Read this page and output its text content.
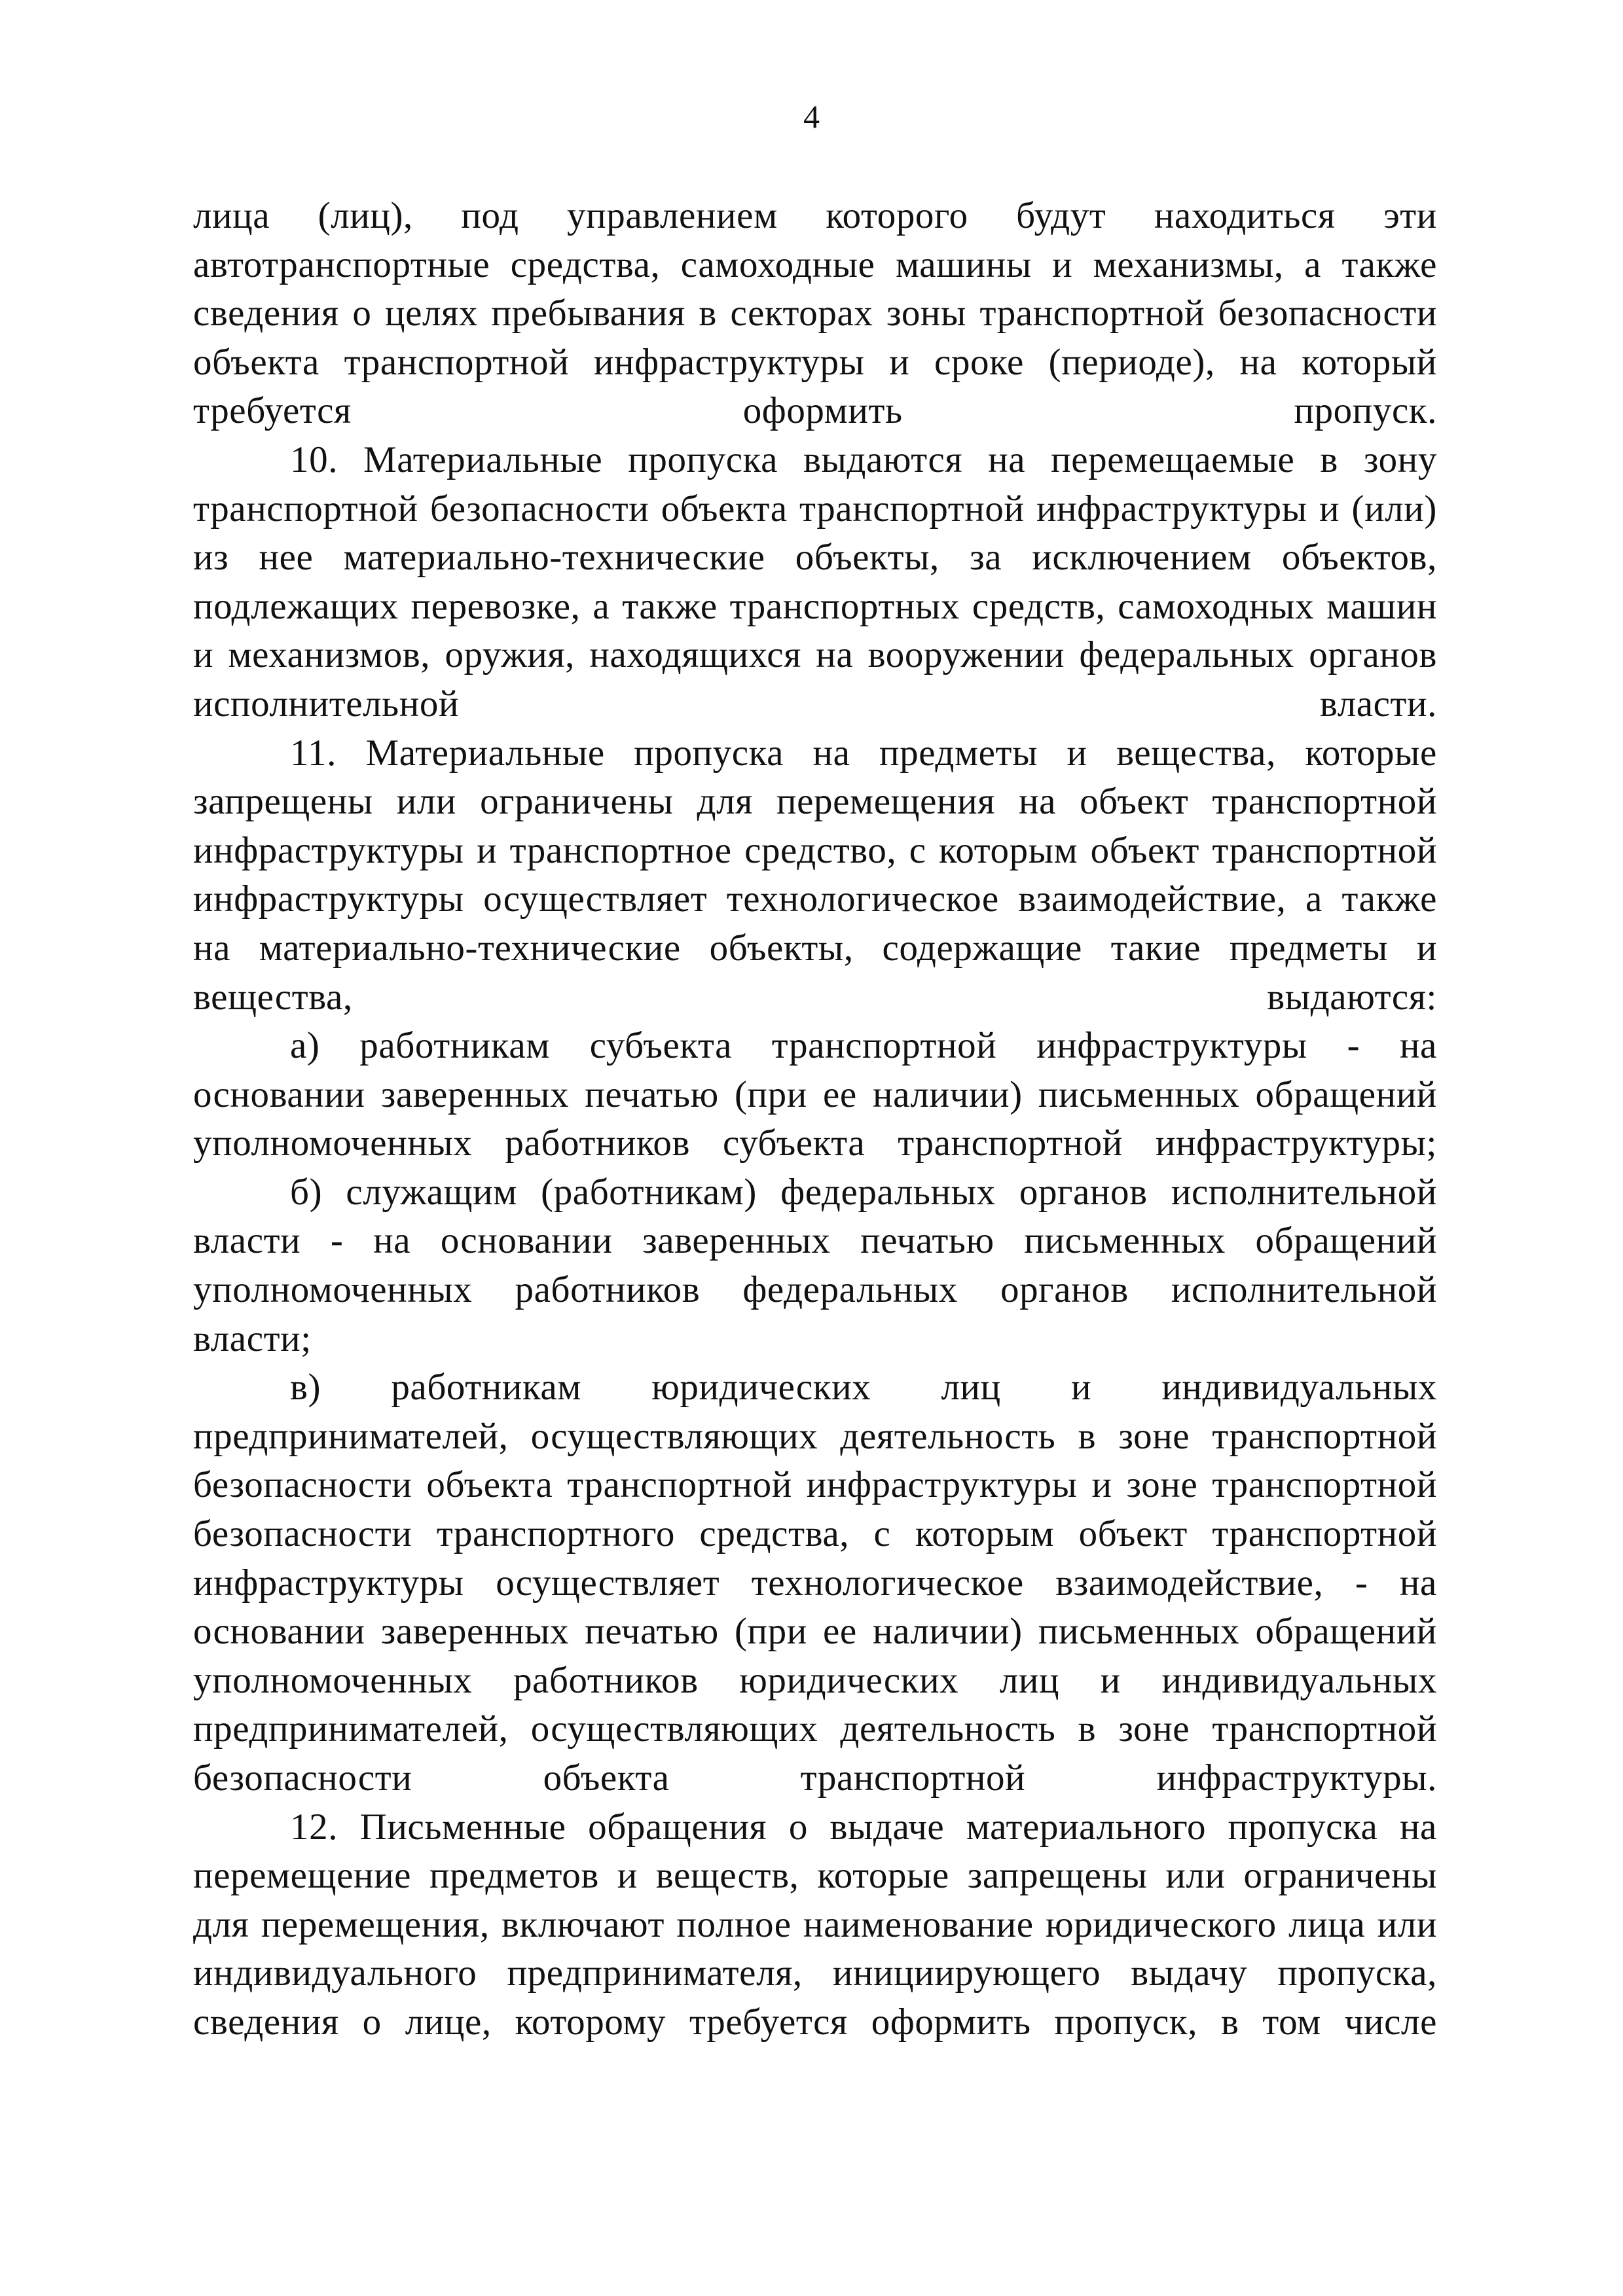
4
лица (лиц), под управлением которого будут находиться эти
автотранспортные средства, самоходные машины и механизмы, а также
сведения о целях пребывания в секторах зоны транспортной безопасности
объекта транспортной инфраструктуры и сроке (периоде), на который
требуется оформить пропуск.
10. Материальные пропуска выдаются на перемещаемые в зону
транспортной безопасности объекта транспортной инфраструктуры и (или)
из нее материально-технические объекты, за исключением объектов,
подлежащих перевозке, а также транспортных средств, самоходных машин
и механизмов, оружия, находящихся на вооружении федеральных органов
исполнительной власти.
11. Материальные пропуска на предметы и вещества, которые
запрещены или ограничены для перемещения на объект транспортной
инфраструктуры и транспортное средство, с которым объект транспортной
инфраструктуры осуществляет технологическое взаимодействие, а также
на материально-технические объекты, содержащие такие предметы и
вещества, выдаются:
а) работникам субъекта транспортной инфраструктуры - на
основании заверенных печатью (при ее наличии) письменных обращений
уполномоченных работников субъекта транспортной инфраструктуры;
б) служащим (работникам) федеральных органов исполнительной
власти - на основании заверенных печатью письменных обращений
уполномоченных работников федеральных органов исполнительной
власти;
в) работникам юридических лиц и индивидуальных
предпринимателей, осуществляющих деятельность в зоне транспортной
безопасности объекта транспортной инфраструктуры и зоне транспортной
безопасности транспортного средства, с которым объект транспортной
инфраструктуры осуществляет технологическое взаимодействие, - на
основании заверенных печатью (при ее наличии) письменных обращений
уполномоченных работников юридических лиц и индивидуальных
предпринимателей, осуществляющих деятельность в зоне транспортной
безопасности объекта транспортной инфраструктуры.
12. Письменные обращения о выдаче материального пропуска на
перемещение предметов и веществ, которые запрещены или ограничены
для перемещения, включают полное наименование юридического лица или
индивидуального предпринимателя, инициирующего выдачу пропуска,
сведения о лице, которому требуется оформить пропуск, в том числе
